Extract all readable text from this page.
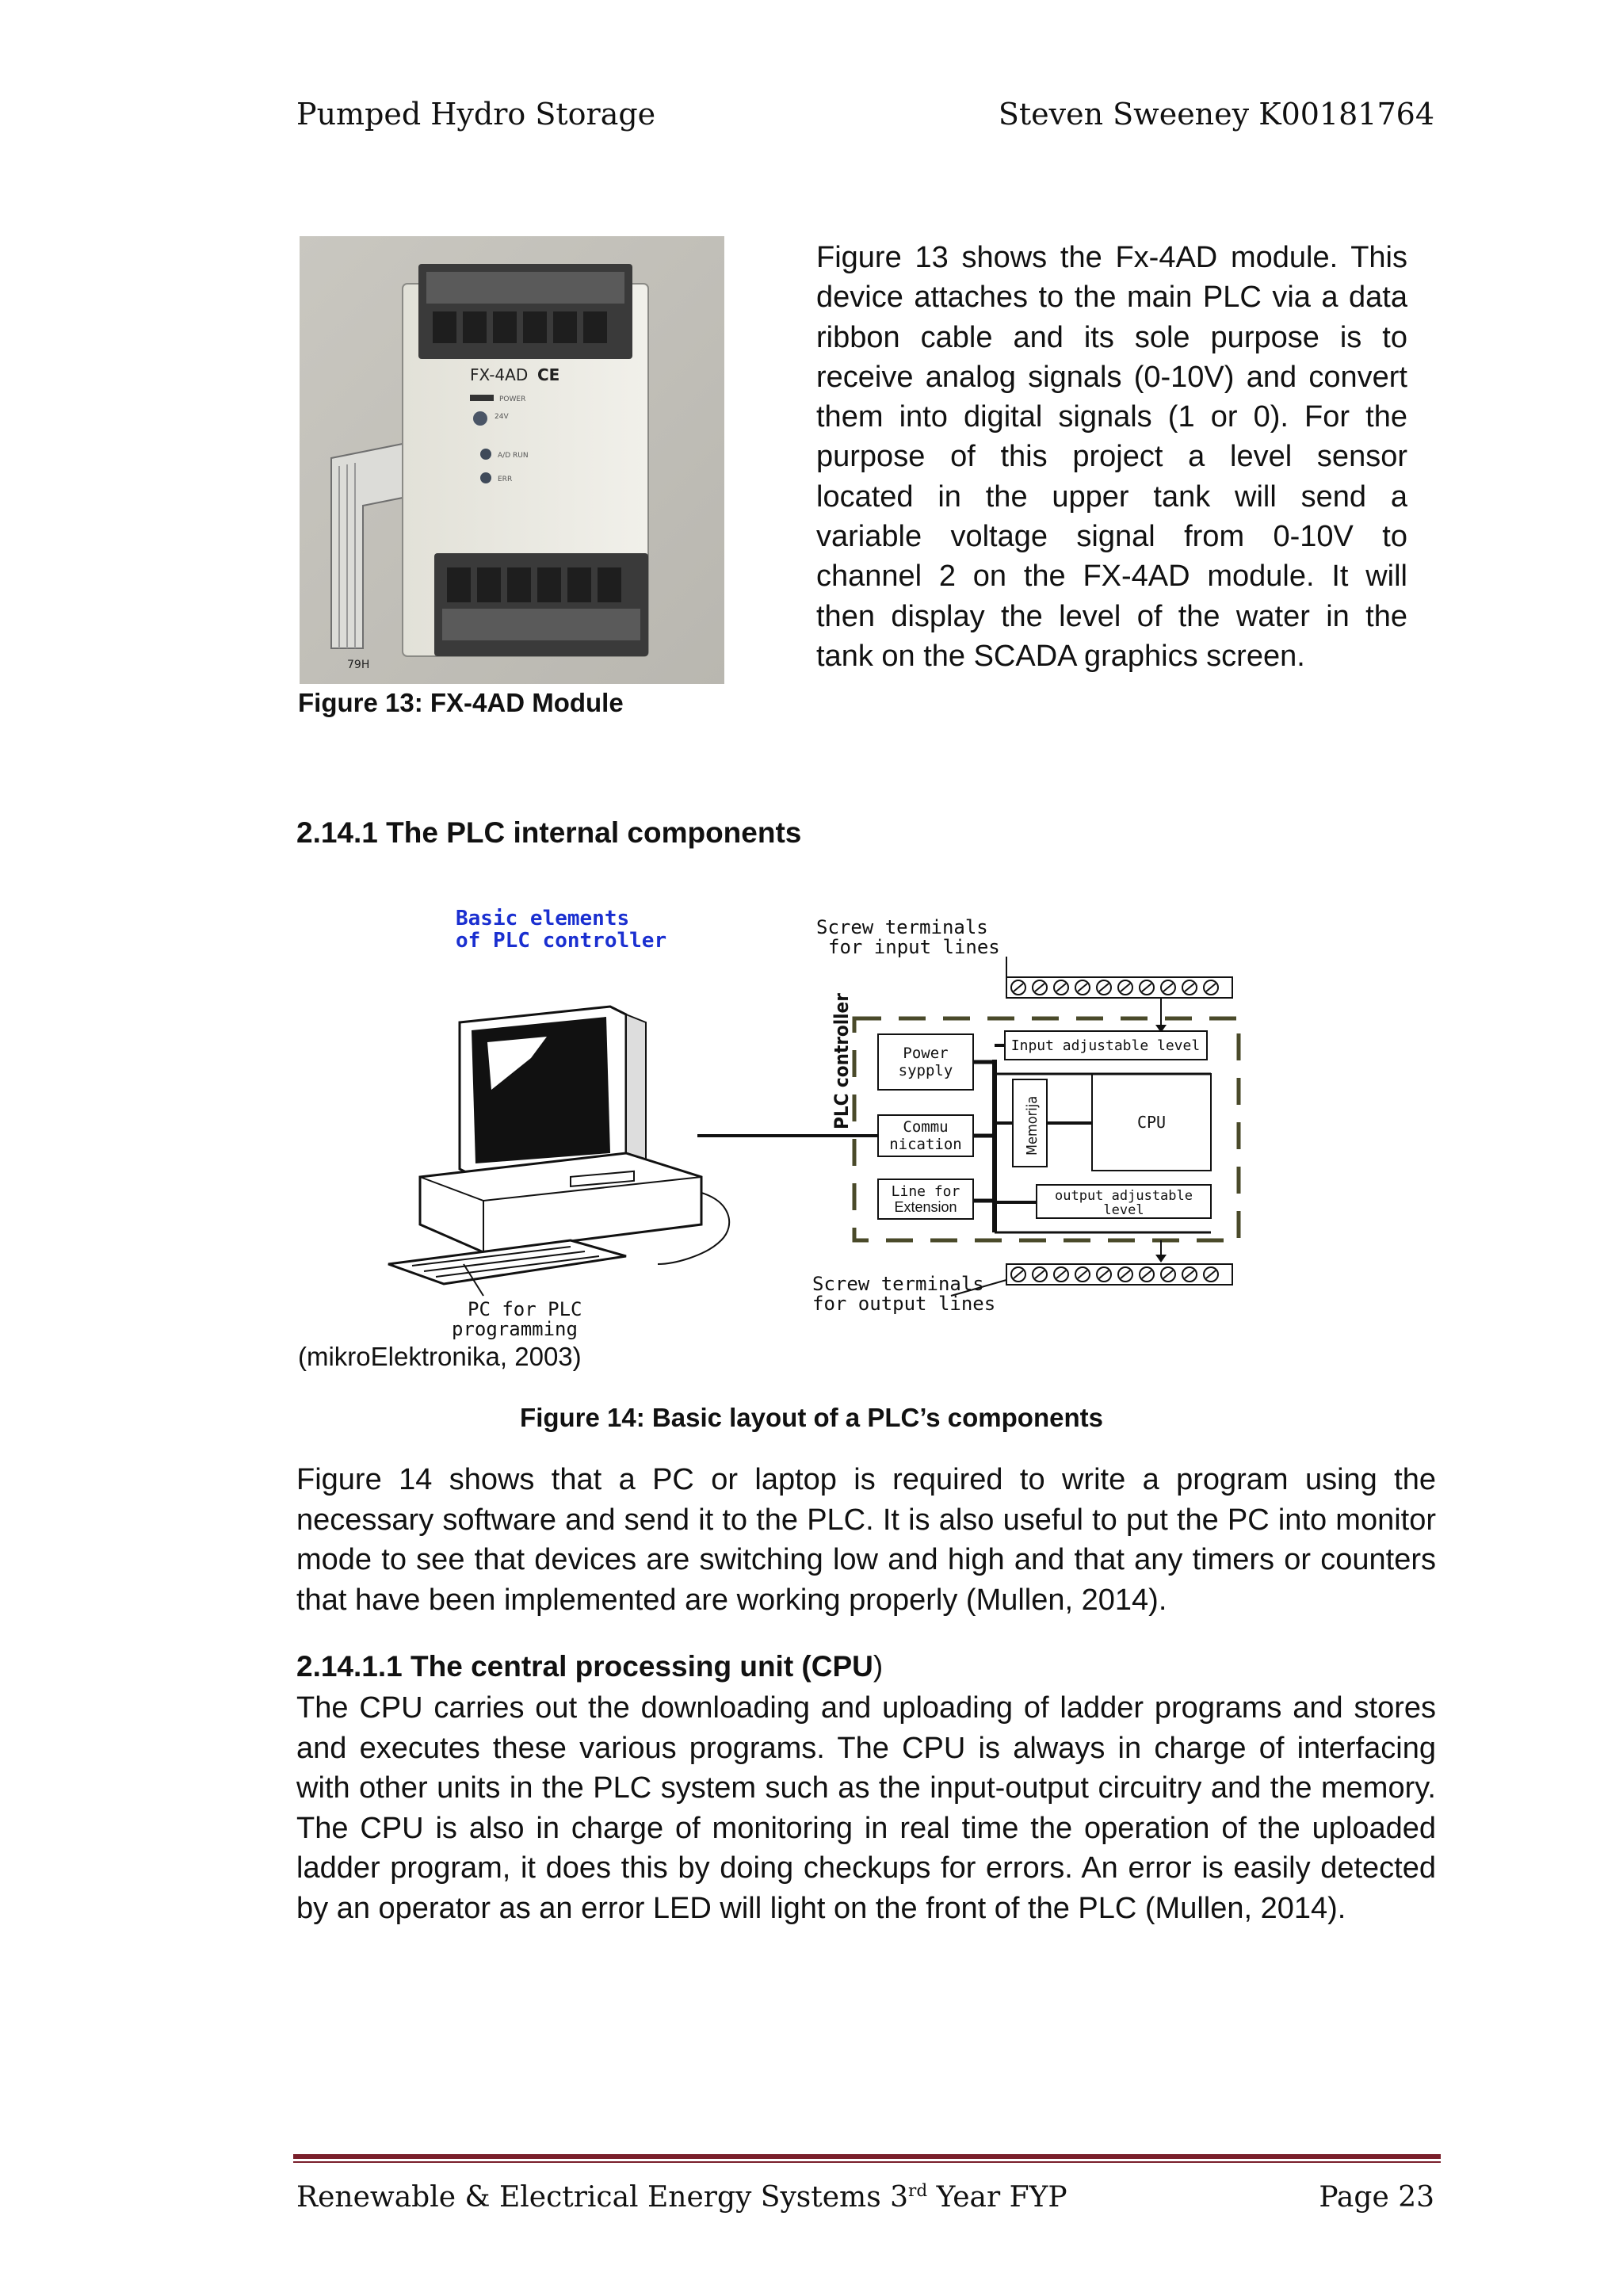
Pumped Hydro Storage	Steven Sweeney K00181764
FX-4AD CE
POWER
24V
A/D RUN
ERR
79H
Figure 13: FX-4AD Module
Figure 13 shows the Fx-4AD module. This device attaches to the main PLC via a data ribbon cable and its sole purpose is to receive analog signals (0-10V) and convert them into digital signals (1 or 0). For the purpose of this project a level sensor located in the upper tank will send a variable voltage signal from 0-10V to channel 2 on the FX-4AD module. It will then display the level of the water in the tank on the SCADA graphics screen.
2.14.1 The PLC internal components
Basic elements
of PLC controller
Screw terminals
for input lines
PLC controller	Power
sypply
Commu
nication
Line for
Extension
Input adjustable level
Memorija	CPU
output adjustable
level
Screw terminals
for output lines
PC for PLC
programming
(mikroElektronika, 2003)
Figure 14: Basic layout of a PLC’s components
Figure 14 shows that a PC or laptop is required to write a program using the necessary software and send it to the PLC. It is also useful to put the PC into monitor mode to see that devices are switching low and high and that any timers or counters that have been implemented are working properly (Mullen, 2014).
2.14.1.1 The central processing unit (CPU)
The CPU carries out the downloading and uploading of ladder programs and stores and executes these various programs. The CPU is always in charge of interfacing with other units in the PLC system such as the input-output circuitry and the memory. The CPU is also in charge of monitoring in real time the operation of the uploaded ladder program, it does this by doing checkups for errors. An error is easily detected by an operator as an error LED will light on the front of the PLC (Mullen, 2014).
Renewable & Electrical Energy Systems 3rd Year FYP	Page 23
